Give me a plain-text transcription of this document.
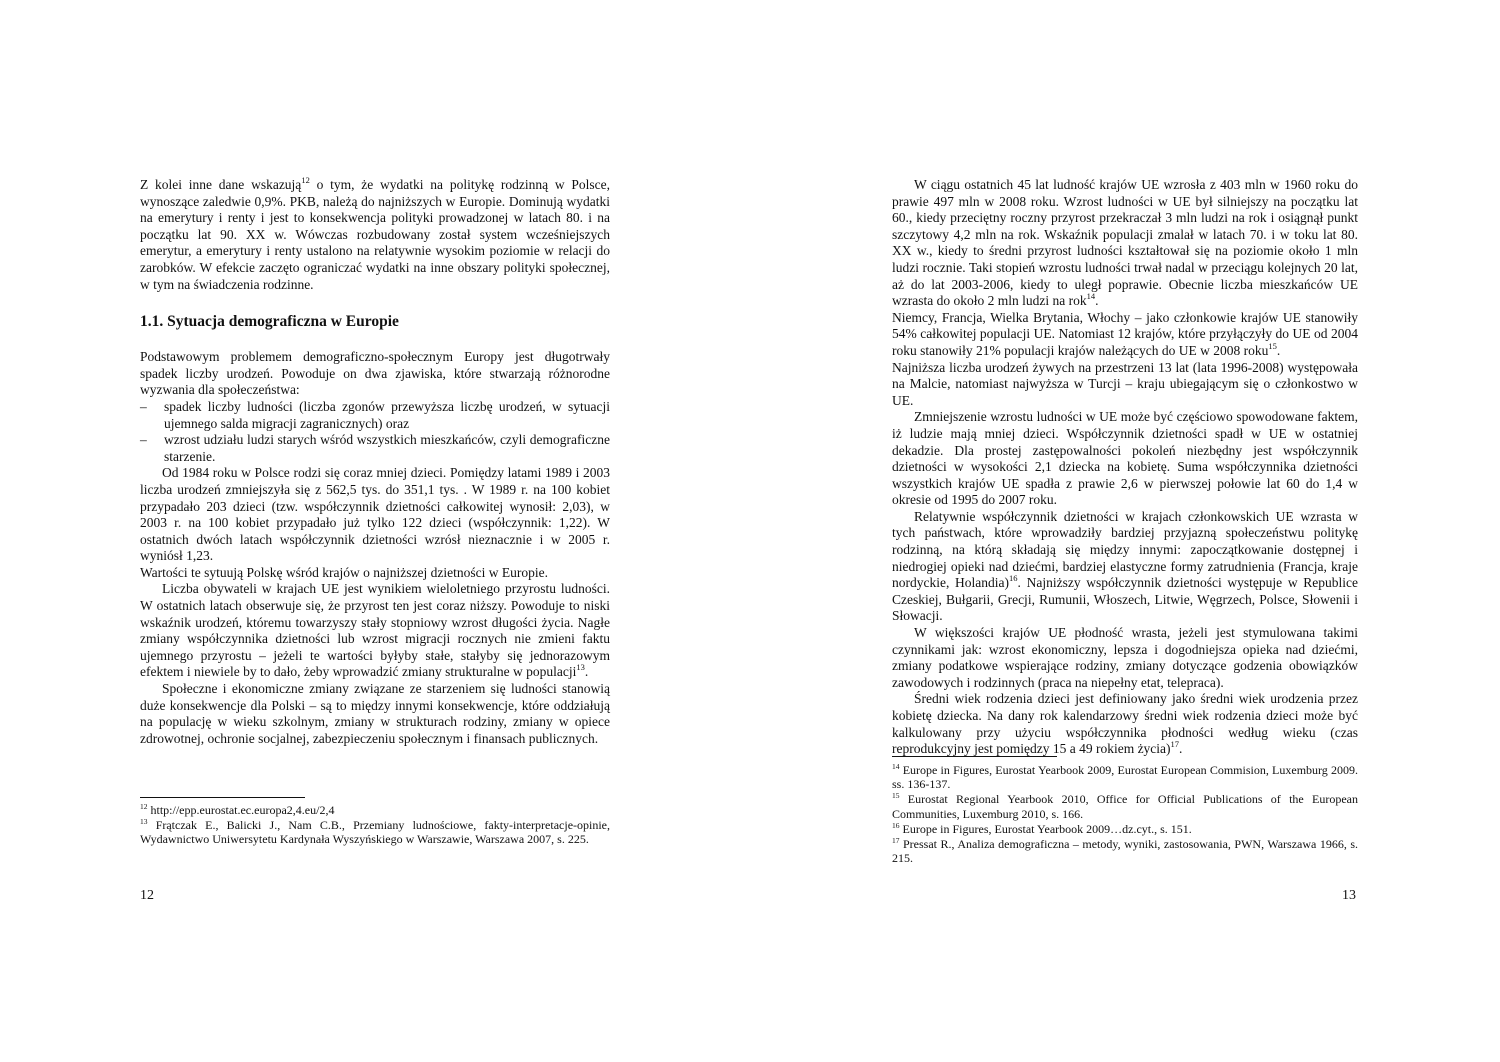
Z kolei inne dane wskazują$^{12}$ o tym, że wydatki na politykę rodzinną w Polsce, wynoszące zaledwie 0,9%. PKB, należą do najniższych w Europie. Dominują wydatki na emerytury i renty i jest to konsekwencja polityki prowadzonej w latach 80. i na początku lat 90. XX w. Wówczas rozbudowany został system wcześniejszych emerytur, a emerytury i renty ustalono na relatywnie wysokim poziomie w relacji do zarobków. W efekcie zaczęto ograniczać wydatki na inne obszary polityki społecznej, w tym na świadczenia rodzinne.

1.1. Sytuacja demograficzna w Europie

Podstawowym problemem demograficzno-społecznym Europy jest długotrwały spadek liczby urodzeń. Powoduje on dwa zjawiska, które stwarzają różnorodne wyzwania dla społeczeństwa:

– spadek liczby ludności (liczba zgonów przewyższa liczbę urodzeń, w sytuacji ujemnego salda migracji zagranicznych) oraz
– wzrost udziału ludzi starych wśród wszystkich mieszkańców, czyli demograficzne starzenie.

Od 1984 roku w Polsce rodzi się coraz mniej dzieci. Pomiędzy latami 1989 i 2003 liczba urodzeń zmniejszyła się z 562,5 tys. do 351,1 tys. . W 1989 r. na 100 kobiet przypadało 203 dzieci (tzw. współczynnik dzietności całkowitej wynosił: 2,03), w 2003 r. na 100 kobiet przypadało już tylko 122 dzieci (współczynnik: 1,22). W ostatnich dwóch latach współczynnik dzietności wzrósł nieznacznie i w 2005 r. wyniósł 1,23.

Wartości te sytuują Polskę wśród krajów o najniższej dzietności w Europie.

Liczba obywateli w krajach UE jest wynikiem wieloletniego przyrostu ludności. W ostatnich latach obserwuje się, że przyrost ten jest coraz niższy. Powoduje to niski wskaźnik urodzeń, któremu towarzyszy stały stopniowy wzrost długości życia. Nagłe zmiany współczynnika dzietności lub wzrost migracji rocznych nie zmieni faktu ujemnego przyrostu – jeżeli te wartości byłyby stałe, stałyby się jednorazowym efektem i niewiele by to dało, żeby wprowadzić zmiany strukturalne w populacji$^{13}$.

Społeczne i ekonomiczne zmiany związane ze starzeniem się ludności stanowią duże konsekwencje dla Polski – są to między innymi konsekwencje, które oddziałują na populację w wieku szkolnym, zmiany w strukturach rodziny, zmiany w opiece zdrowotnej, ochronie socjalnej, zabezpieczeniu społecznym i finansach publicznych.

$^{12}$ http://epp.eurostat.ec.europa2,4.eu/2,4
$^{13}$ Frątczak E., Balicki J., Nam C.B., Przemiany ludnościowe, fakty-interpretacje-opinie, Wydawnictwo Uniwersytetu Kardynała Wyszyńskiego w Warszawie, Warszawa 2007, s. 225.
12

W ciągu ostatnich 45 lat ludność krajów UE wzrosła z 403 mln w 1960 roku do prawie 497 mln w 2008 roku. Wzrost ludności w UE był silniejszy na początku lat 60., kiedy przeciętny roczny przyrost przekraczał 3 mln ludzi na rok i osiągnął punkt szczytowy 4,2 mln na rok. Wskaźnik populacji zmalał w latach 70. i w toku lat 80. XX w., kiedy to średni przyrost ludności kształtował się na poziomie około 1 mln ludzi rocznie. Taki stopień wzrostu ludności trwał nadal w przeciągu kolejnych 20 lat, aż do lat 2003-2006, kiedy to uległ poprawie. Obecnie liczba mieszkańców UE wzrasta do około 2 mln ludzi na rok$^{14}$.

Niemcy, Francja, Wielka Brytania, Włochy – jako członkowie krajów UE stanowiły 54% całkowitej populacji UE. Natomiast 12 krajów, które przyłączyły do UE od 2004 roku stanowiły 21% populacji krajów należących do UE w 2008 roku$^{15}$.

Najniższa liczba urodzeń żywych na przestrzeni 13 lat (lata 1996-2008) występowała na Malcie, natomiast najwyższa w Turcji – kraju ubiegającym się o członkostwo w UE.

Zmniejszenie wzrostu ludności w UE może być częściowo spowodowane faktem, iż ludzie mają mniej dzieci. Współczynnik dzietności spadł w UE w ostatniej dekadzie. Dla prostej zastępowalności pokoleń niezbędny jest współczynnik dzietności w wysokości 2,1 dziecka na kobietę. Suma współczynnika dzietności wszystkich krajów UE spadła z prawie 2,6 w pierwszej połowie lat 60 do 1,4 w okresie od 1995 do 2007 roku.

Relatywnie współczynnik dzietności w krajach członkowskich UE wzrasta w tych państwach, które wprowadziły bardziej przyjazną społeczeństwu politykę rodzinną, na którą składają się między innymi: zapoczątkowanie dostępnej i niedrogiej opieki nad dziećmi, bardziej elastyczne formy zatrudnienia (Francja, kraje nordyckie, Holandia)$^{16}$. Najniższy współczynnik dzietności występuje w Republice Czeskiej, Bułgarii, Grecji, Rumunii, Włoszech, Litwie, Węgrzech, Polsce, Słowenii i Słowacji.

W większości krajów UE płodność wrasta, jeżeli jest stymulowana takimi czynnikami jak: wzrost ekonomiczny, lepsza i dogodniejsza opieka nad dziećmi, zmiany podatkowe wspierające rodziny, zmiany dotyczące godzenia obowiązków zawodowych i rodzinnych (praca na niepełny etat, telepraca).

Średni wiek rodzenia dzieci jest definiowany jako średni wiek urodzenia przez kobietę dziecka. Na dany rok kalendarzowy średni wiek rodzenia dzieci może być kalkulowany przy użyciu współczynnika płodności według wieku (czas reprodukcyjny jest pomiędzy 15 a 49 rokiem życia)$^{17}$.

$^{14}$ Europe in Figures, Eurostat Yearbook 2009, Eurostat European Commision, Luxemburg 2009. ss. 136-137.
$^{15}$ Eurostat Regional Yearbook 2010, Office for Official Publications of the European Communities, Luxemburg 2010, s. 166.
$^{16}$ Europe in Figures, Eurostat Yearbook 2009…dz.cyt., s. 151.
$^{17}$ Pressat R., Analiza demograficzna – metody, wyniki, zastosowania, PWN, Warszawa 1966, s. 215.
13
